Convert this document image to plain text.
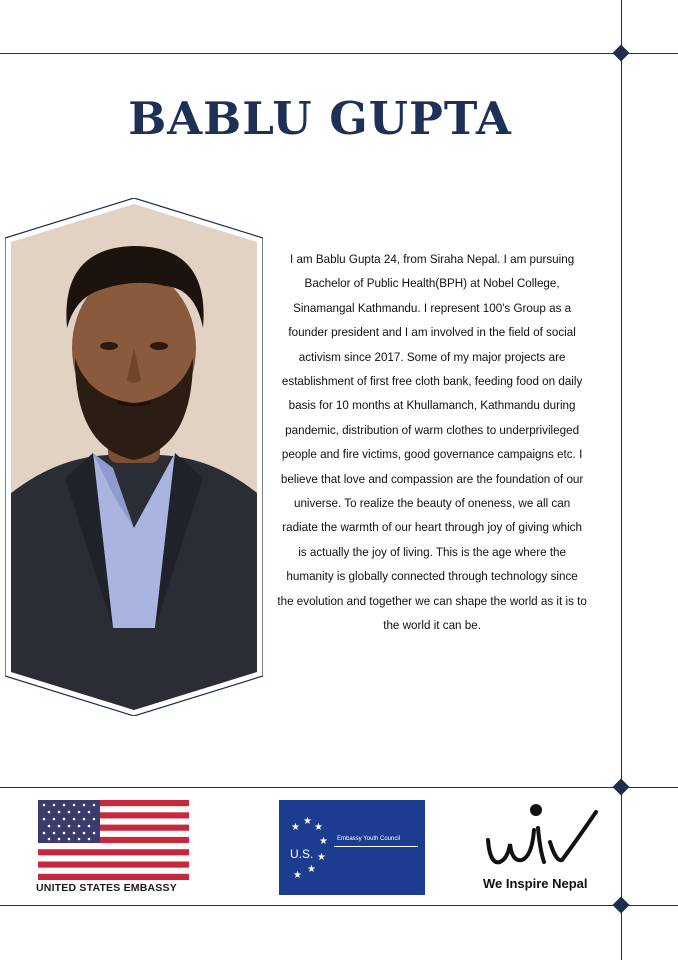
BABLU GUPTA
I am Bablu Gupta 24, from Siraha Nepal. I am pursuing Bachelor of Public Health(BPH) at Nobel College, Sinamangal Kathmandu. I represent 100's Group as a founder president and I am involved in the field of social activism since 2017. Some of my major projects are establishment of first free cloth bank, feeding food on daily basis for 10 months at Khullamanch, Kathmandu during pandemic, distribution of warm clothes to underprivileged people and fire victims, good governance campaigns etc. I believe that love and compassion are the foundation of our universe. To realize the beauty of oneness, we all can radiate the warmth of our heart through joy of giving which is actually the joy of living. This is the age where the humanity is globally connected through technology since the evolution and together we can shape the world as it is to the world it can be.
UNITED STATES EMBASSY
★
★
★
★
★
★
★
U.S.
Embassy Youth Council
We Inspire Nepal
